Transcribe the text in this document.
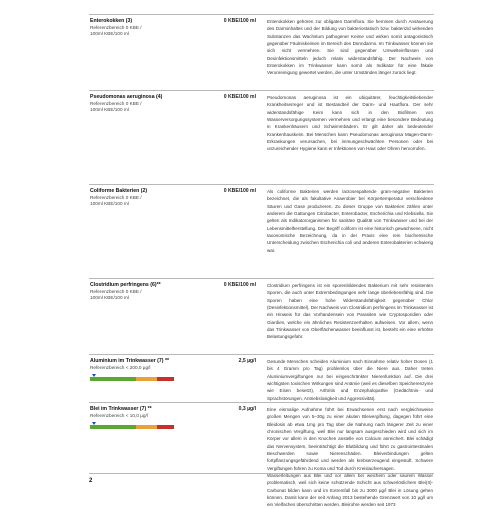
Enterokokken (3)
Referenzbereich 0 KBE /
100ml KBE/100 ml
0 KBE/100 ml Enterokokken gehören zur obligaten Darmflora. Sie hemmen durch Ansäuerung des Darminhaltes und der Bildung von bakteriostatisch bzw. bakterizid wirkenden Substanzen das Wachstum pathogener Keime und wirken somit antagonistisch gegenüber Fäulniskeimen im Bereich des Dünndarms. Im Trinkwasser können sie sich nicht vermehren. Sie sind gegenüber Umwelteinflüssen und Desinfektionsmitteln jedoch relativ widerstandsfähig. Der Nachweis von Enterokokken im Trinkwasser kann somit als Indikator für eine fäkale Verunreinigung gewertet werden, die unter Umständen länger zurück liegt.
Pseudomonas aeruginosa (4)
Referenzbereich 0 KBE /
100ml KBE/100 ml
0 KBE/100 ml Pseudomonas aeruginosa ist ein ubiquitärer, feuchtigkeitsliebender Krankheitserreger und ist Bestandteil der Darm- und Hautflora. Der sehr widerstandsfähige Keim kann sich in den Biofilmen von Wasserversorgungssystemen vermehren und erlangt eine besondere Bedeutung in Krankenhäusern und Schwimmbädern. Er gilt daher als bedeutender Krankenhauskeim. Bei Menschen kann Pseudomonas aeruginosa Magen-Darm-Erkrankungen verursachen, bei immungeschwächten Personen oder bei unzureichender Hygiene kann er Infektionen von Haut oder Ohren hervorrufen.
Coliforme Bakterien (2)
Referenzbereich 0 KBE /
100ml KBE/100 ml
0 KBE/100 ml Als coliforme Bakterien werden lactosespaltende gram-negative Bakterien bezeichnet, die als fakultative Anaerobier bei Körpertemperatur verschiedene Säuren und Gase produzieren. Zu dieser Gruppe von Bakterien zählen unter anderem die Gattungen Citrobacter, Enterobacter, Escherichia und Klebsiella. Sie gelten als Indikatororganismen für sanitäre Qualität von Trinkwasser und bei der Lebensmittelherstellung. Der Begriff coliform ist eine historisch gewachsene, nicht taxonomische Bezeichnung, da in der Praxis eine rein biochemische Unterscheidung zwischen Escherichia coli und anderen Enterobakterien schwierig war.
Clostridium perfringens (6)**
Referenzbereich 0 KBE /
100ml KBE/100 ml
0 KBE/100 ml Clostridium perfringens ist ein sporenbildendes Bakterium mit sehr resistenten Sporen, die auch unter Extrembedingungen sehr lange überlebensfähig sind. Die Sporen haben eine hohe Widerstandsfähigkeit gegenüber Chlor (Desinfektionsmittel). Der Nachweis von Clostridium perfringens im Trinkwasser ist ein Hinweis für das Vorhandensein von Parasiten wie Cryptosporidien oder Giardien, welche ein ähnliches Resistenzverhalten aufweisen. Vor allem, wenn das Trinkwasser von Oberflächenwasser beeinflusst ist, besteht ein eine erhöhte Belastungsgefahr.
Aluminium im Trinkwasser (7) **
Referenzbereich < 200,0 µg/l
2,5 µg/l Gesunde Menschen scheiden Aluminium nach Einnahme relativ hoher Dosen (1 bis 4 Gramm pro Tag) problemlos über die Niere aus. Daher treten Aluminiumvergiftungen nur bei eingeschränkter Nierenfunktion auf. Die drei wichtigsten toxischen Wirkungen sind Anämie (weil es dieselben Speicherenzyme wie Eisen besetzt), Arthritis und Enzephalopathie (Gedächtnis- und Sprachstörungen, Antriebslosigkeit und Aggressivität).
Blei im Trinkwasser (7) **
Referenzbereich < 10,0 µg/l
0,3 µg/l Eine einmalige Aufnahme führt bei Erwachsenen erst nach vergleichsweise großen Mengen von 5–30g zu einer akuten Bleivergiftung, dagegen führt eine Bleidosis ab etwa 1mg pro Tag über die Nahrung nach längerer Zeit zu einer chronischen Vergiftung, weil Blei nur langsam ausgeschieden wird und sich im Körper vor allem in den Knochen anstelle von Calcium anreichert. Blei schädigt das Nervensystem, beeinträchtigt die Blutbildung und führt zu gastrointestinalen Beschwerden sowie Nierenschäden. Bleiverbindungen gelten fortpflanzungsgefährdend und werden als krebserzeugend eingestuft. Schwere Vergiftungen führen zu Koma und Tod durch Kreislaufversagen.

Wasserleitungen aus Blei und vor allem bei weichem oder saurem Wasser problematisch, weil sich keine schützende Schicht aus schwerlöslichem Blei(II)-Carbonat bilden kann und im Extremfall bis zu 3000 µg/l Blei in Lösung gehen können. Damit kann der seit Anfang 2013 bestehende Grenzwert von 10 µg/l um ein Vielfaches überschritten werden. Bleirohre werden seit 1973

2
